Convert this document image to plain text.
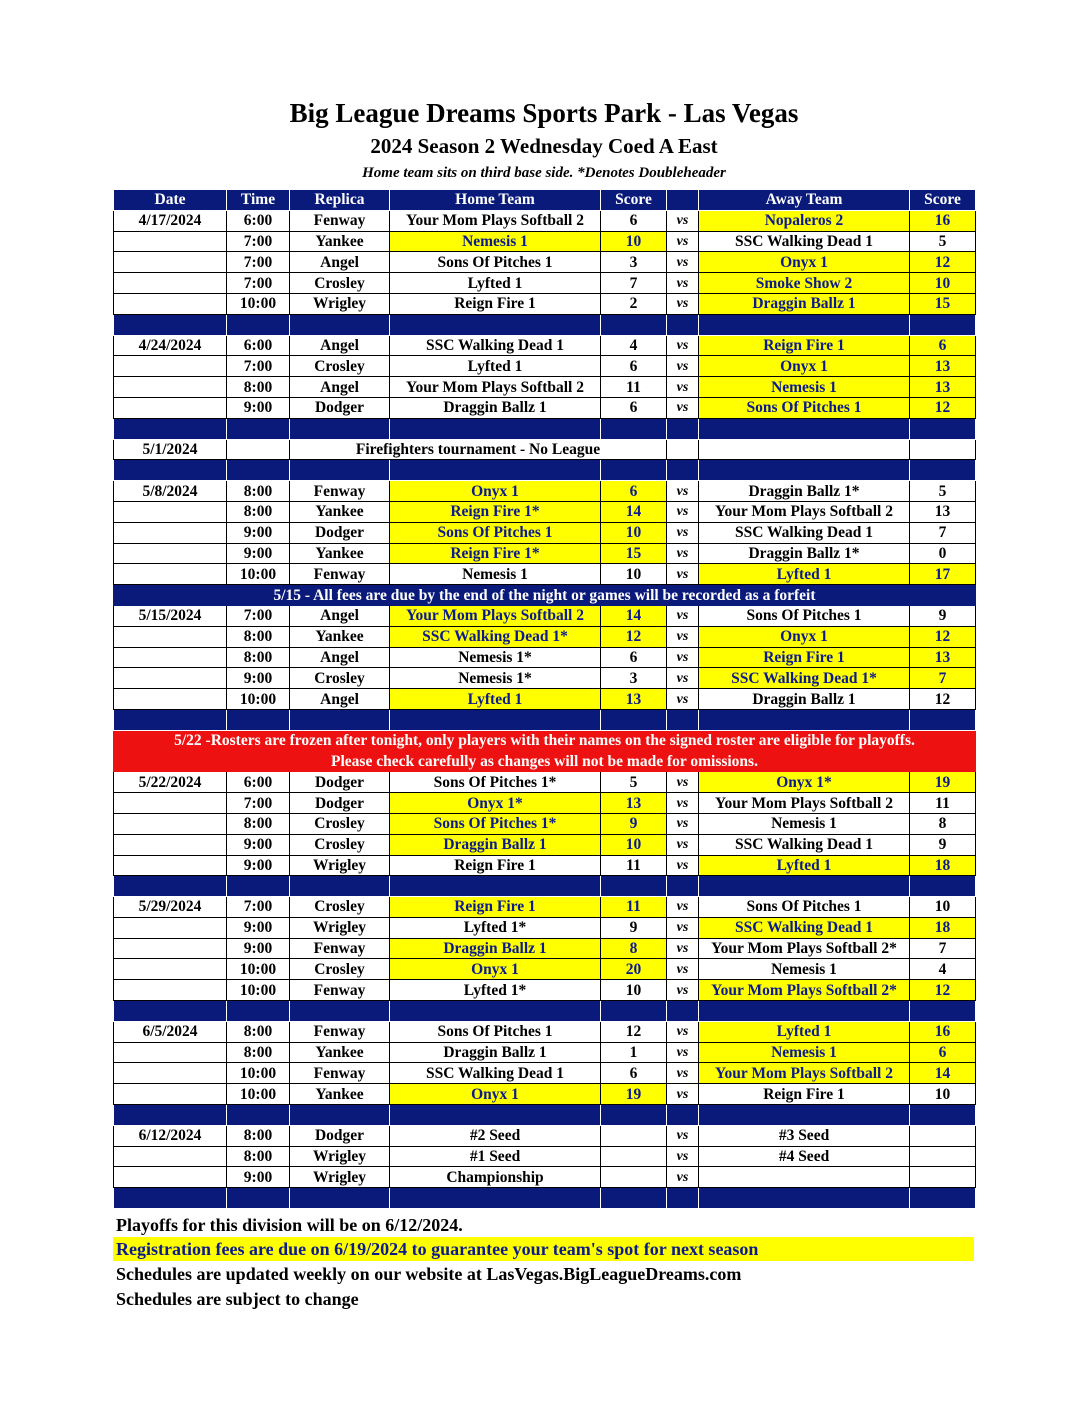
Big League Dreams Sports Park - Las Vegas
2024 Season 2 Wednesday Coed A East
Home team sits on third base side. *Denotes Doubleheader
Date	Time	Replica	Home Team	Score		Away Team	Score
4/17/2024	6:00	Fenway	Your Mom Plays Softball 2	6	vs	Nopaleros 2	16
	7:00	Yankee	Nemesis 1	10	vs	SSC Walking Dead 1	5
	7:00	Angel	Sons Of Pitches 1	3	vs	Onyx 1	12
	7:00	Crosley	Lyfted 1	7	vs	Smoke Show 2	10
	10:00	Wrigley	Reign Fire 1	2	vs	Draggin Ballz 1	15

4/24/2024	6:00	Angel	SSC Walking Dead 1	4	vs	Reign Fire 1	6
	7:00	Crosley	Lyfted 1	6	vs	Onyx 1	13
	8:00	Angel	Your Mom Plays Softball 2	11	vs	Nemesis 1	13
	9:00	Dodger	Draggin Ballz 1	6	vs	Sons Of Pitches 1	12

5/1/2024		Firefighters tournament - No League					

5/8/2024	8:00	Fenway	Onyx 1	6	vs	Draggin Ballz 1*	5
	8:00	Yankee	Reign Fire 1*	14	vs	Your Mom Plays Softball 2	13
	9:00	Dodger	Sons Of Pitches 1	10	vs	SSC Walking Dead 1	7
	9:00	Yankee	Reign Fire 1*	15	vs	Draggin Ballz 1*	0
	10:00	Fenway	Nemesis 1	10	vs	Lyfted 1	17
5/15 - All fees are due by the end of the night or games will be recorded as a forfeit							
5/15/2024	7:00	Angel	Your Mom Plays Softball 2	14	vs	Sons Of Pitches 1	9
	8:00	Yankee	SSC Walking Dead 1*	12	vs	Onyx 1	12
	8:00	Angel	Nemesis 1*	6	vs	Reign Fire 1	13
	9:00	Crosley	Nemesis 1*	3	vs	SSC Walking Dead 1*	7
	10:00	Angel	Lyfted 1	13	vs	Draggin Ballz 1	12

5/22 -Rosters are frozen after tonight, only players with their names on the signed roster are eligible for playoffs.							
Please check carefully as changes will not be made for omissions.							
5/22/2024	6:00	Dodger	Sons Of Pitches 1*	5	vs	Onyx 1*	19
	7:00	Dodger	Onyx 1*	13	vs	Your Mom Plays Softball 2	11
	8:00	Crosley	Sons Of Pitches 1*	9	vs	Nemesis 1	8
	9:00	Crosley	Draggin Ballz 1	10	vs	SSC Walking Dead 1	9
	9:00	Wrigley	Reign Fire 1	11	vs	Lyfted 1	18

5/29/2024	7:00	Crosley	Reign Fire 1	11	vs	Sons Of Pitches 1	10
	9:00	Wrigley	Lyfted 1*	9	vs	SSC Walking Dead 1	18
	9:00	Fenway	Draggin Ballz 1	8	vs	Your Mom Plays Softball 2*	7
	10:00	Crosley	Onyx 1	20	vs	Nemesis 1	4
	10:00	Fenway	Lyfted 1*	10	vs	Your Mom Plays Softball 2*	12

6/5/2024	8:00	Fenway	Sons Of Pitches 1	12	vs	Lyfted 1	16
	8:00	Yankee	Draggin Ballz 1	1	vs	Nemesis 1	6
	10:00	Fenway	SSC Walking Dead 1	6	vs	Your Mom Plays Softball 2	14
	10:00	Yankee	Onyx 1	19	vs	Reign Fire 1	10

6/12/2024	8:00	Dodger	#2 Seed		vs	#3 Seed	
	8:00	Wrigley	#1 Seed		vs	#4 Seed	
	9:00	Wrigley	Championship		vs		

Playoffs for this division will be on 6/12/2024.
Registration fees are due on 6/19/2024 to guarantee your team's spot for next season
Schedules are updated weekly on our website at LasVegas.BigLeagueDreams.com
Schedules are subject to change
